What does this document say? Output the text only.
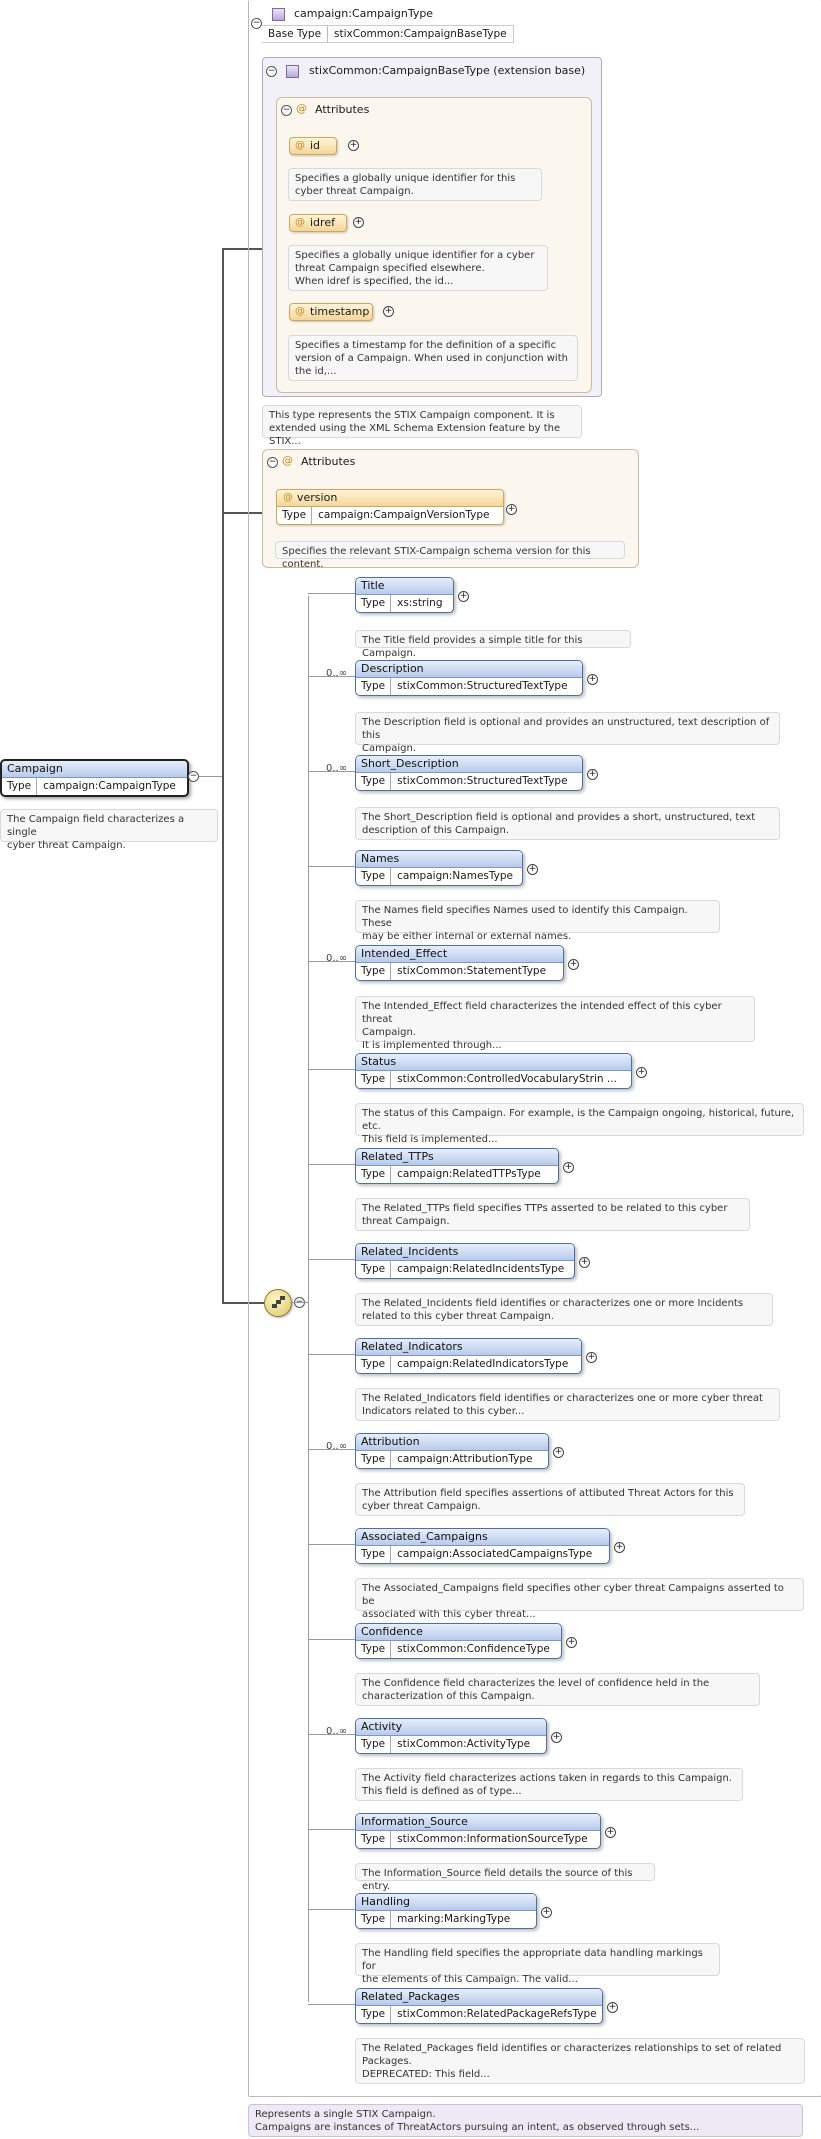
−
campaign:CampaignType
Base Type stixCommon:CampaignBaseType
−	stixCommon:CampaignBaseType (extension base)
− @ Attributes
@ id	+
Specifies a globally unique identifier for this
cyber threat Campaign.
@ idref	+
Specifies a globally unique identifier for a cyber
threat Campaign specified elsewhere.
When idref is specified, the id...
@ timestamp	+
Specifies a timestamp for the definition of a specific
version of a Campaign. When used in conjunction with
the id,...
This type represents the STIX Campaign component. It is
extended using the XML Schema Extension feature by the STIX...
− @ Attributes
@ version
Type campaign:CampaignVersionType	+
Specifies the relevant STIX-Campaign schema version for this content.
Campaign
Type campaign:CampaignType
−
The Campaign field characterizes a single
cyber threat Campaign.
Title
Type xs:string
+
The Title field provides a simple title for this Campaign.
0..∞	Description
Type stixCommon:StructuredTextType
+
The Description field is optional and provides an unstructured, text description of this
Campaign.
0..∞	Short_Description
Type stixCommon:StructuredTextType
+
The Short_Description field is optional and provides a short, unstructured, text
description of this Campaign.
Names
Type campaign:NamesType
+
The Names field specifies Names used to identify this Campaign. These
may be either internal or external names.
0..∞	Intended_Effect
Type stixCommon:StatementType
+
The Intended_Effect field characterizes the intended effect of this cyber threat
Campaign.
It is implemented through...
Status
Type stixCommon:ControlledVocabularyStrin ...
+
The status of this Campaign. For example, is the Campaign ongoing, historical, future, etc.
This field is implemented...
Related_TTPs
Type campaign:RelatedTTPsType
+
The Related_TTPs field specifies TTPs asserted to be related to this cyber
threat Campaign.
Related_Incidents
Type campaign:RelatedIncidentsType
+
The Related_Incidents field identifies or characterizes one or more Incidents
related to this cyber threat Campaign.
Related_Indicators
Type campaign:RelatedIndicatorsType
+
The Related_Indicators field identifies or characterizes one or more cyber threat
Indicators related to this cyber...
0..∞	Attribution
Type campaign:AttributionType
+
The Attribution field specifies assertions of attibuted Threat Actors for this
cyber threat Campaign.
Associated_Campaigns
Type campaign:AssociatedCampaignsType
+
The Associated_Campaigns field specifies other cyber threat Campaigns asserted to be
associated with this cyber threat...
Confidence
Type stixCommon:ConfidenceType
+
The Confidence field characterizes the level of confidence held in the
characterization of this Campaign.
0..∞	Activity
Type stixCommon:ActivityType
+
The Activity field characterizes actions taken in regards to this Campaign.
This field is defined as of type...
Information_Source
Type stixCommon:InformationSourceType
+
The Information_Source field details the source of this entry.
Handling
Type marking:MarkingType
+
The Handling field specifies the appropriate data handling markings for
the elements of this Campaign. The valid...
Related_Packages
Type stixCommon:RelatedPackageRefsType
+
The Related_Packages field identifies or characterizes relationships to set of related
Packages.
DEPRECATED: This field...
Represents a single STIX Campaign.
Campaigns are instances of ThreatActors pursuing an intent, as observed through sets...
